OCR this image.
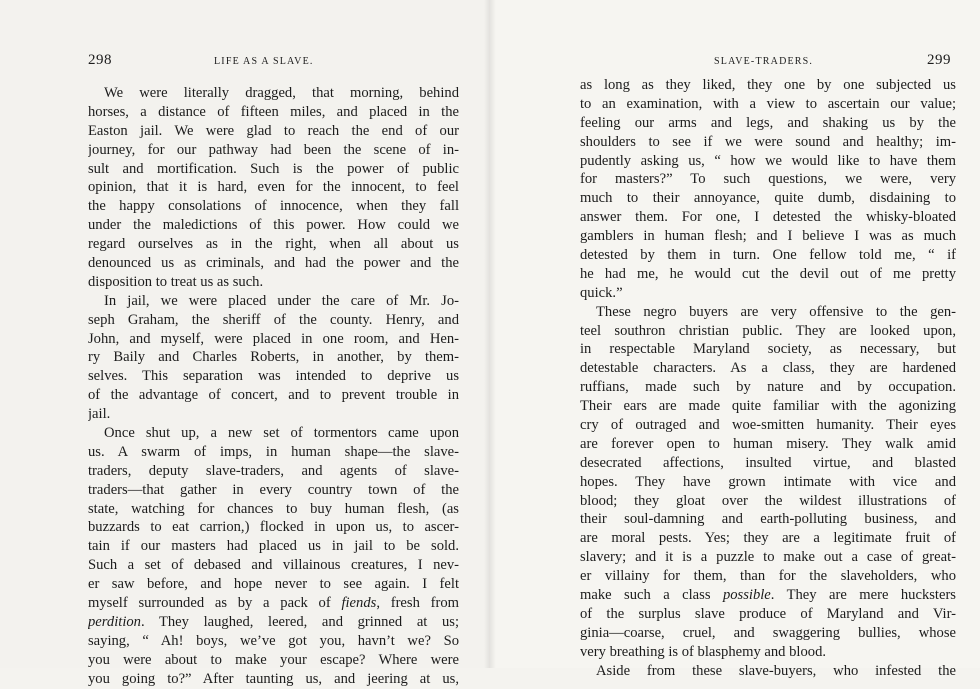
298	LIFE AS A SLAVE.
We were literally dragged, that morning, behind
horses, a distance of fifteen miles, and placed in the
Easton jail. We were glad to reach the end of our
journey, for our pathway had been the scene of in-
sult and mortification. Such is the power of public
opinion, that it is hard, even for the innocent, to feel
the happy consolations of innocence, when they fall
under the maledictions of this power. How could we
regard ourselves as in the right, when all about us
denounced us as criminals, and had the power and the
disposition to treat us as such.
In jail, we were placed under the care of Mr. Jo-
seph Graham, the sheriff of the county. Henry, and
John, and myself, were placed in one room, and Hen-
ry Baily and Charles Roberts, in another, by them-
selves. This separation was intended to deprive us
of the advantage of concert, and to prevent trouble in
jail.
Once shut up, a new set of tormentors came upon
us. A swarm of imps, in human shape—the slave-
traders, deputy slave-traders, and agents of slave-
traders—that gather in every country town of the
state, watching for chances to buy human flesh, (as
buzzards to eat carrion,) flocked in upon us, to ascer-
tain if our masters had placed us in jail to be sold.
Such a set of debased and villainous creatures, I nev-
er saw before, and hope never to see again. I felt
myself surrounded as by a pack of fiends, fresh from
perdition. They laughed, leered, and grinned at us;
saying, “ Ah! boys, we’ve got you, havn’t we? So
you were about to make your escape? Where were
you going to?” After taunting us, and jeering at us,
SLAVE-TRADERS.	299
as long as they liked, they one by one subjected us
to an examination, with a view to ascertain our value;
feeling our arms and legs, and shaking us by the
shoulders to see if we were sound and healthy; im-
pudently asking us, “ how we would like to have them
for masters?” To such questions, we were, very
much to their annoyance, quite dumb, disdaining to
answer them. For one, I detested the whisky-bloated
gamblers in human flesh; and I believe I was as much
detested by them in turn. One fellow told me, “ if
he had me, he would cut the devil out of me pretty
quick.”
These negro buyers are very offensive to the gen-
teel southron christian public. They are looked upon,
in respectable Maryland society, as necessary, but
detestable characters. As a class, they are hardened
ruffians, made such by nature and by occupation.
Their ears are made quite familiar with the agonizing
cry of outraged and woe-smitten humanity. Their eyes
are forever open to human misery. They walk amid
desecrated affections, insulted virtue, and blasted
hopes. They have grown intimate with vice and
blood; they gloat over the wildest illustrations of
their soul-damning and earth-polluting business, and
are moral pests. Yes; they are a legitimate fruit of
slavery; and it is a puzzle to make out a case of great-
er villainy for them, than for the slaveholders, who
make such a class possible. They are mere hucksters
of the surplus slave produce of Maryland and Vir-
ginia—coarse, cruel, and swaggering bullies, whose
very breathing is of blasphemy and blood.
Aside from these slave-buyers, who infested the
